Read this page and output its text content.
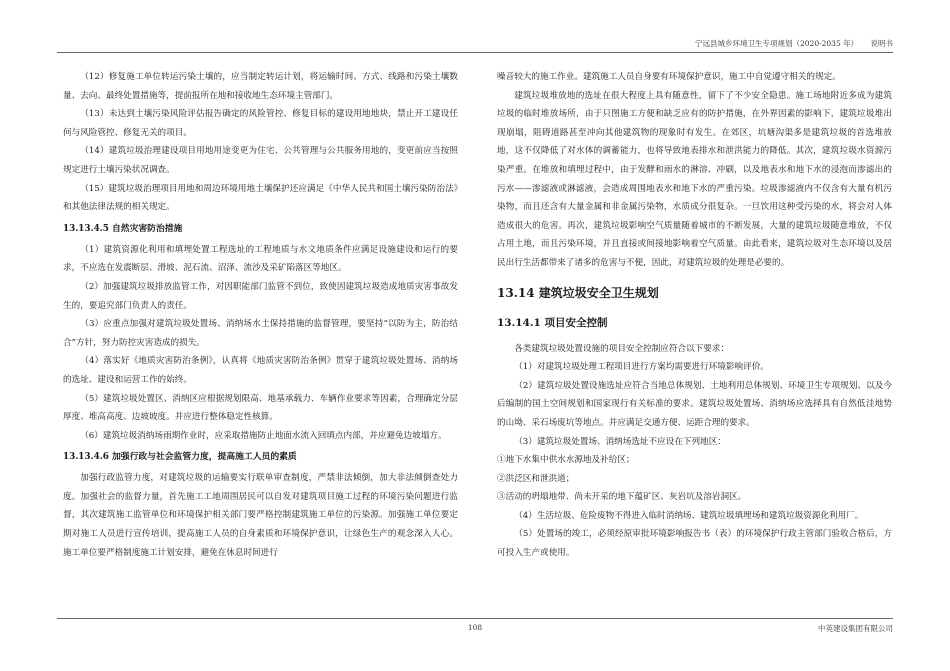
宁远县城乡环境卫生专项规划（2020-2035 年） 说明书

（12）修复施工单位转运污染土壤的，应当制定转运计划，将运输时间、方式、线路和污染土壤数量、去向、最终处置措施等，提前报所在地和接收地生态环境主管部门。

（13）未达到土壤污染风险评估报告确定的风险管控、修复目标的建设用地地块，禁止开工建设任何与风险管控、修复无关的项目。

（14）建筑垃圾治理建设项目用地用途变更为住宅、公共管理与公共服务用地的，变更前应当按照规定进行土壤污染状况调查。

（15）建筑垃圾治理项目用地和周边环境用地土壤保护还应满足《中华人民共和国土壤污染防治法》和其他法律法规的相关规定。

13.13.4.5 自然灾害防治措施

（1）建筑资源化利用和填埋处置工程选址的工程地质与水文地质条件应满足设施建设和运行的要求，不应选在发震断层、滑坡、泥石流、沼泽、流沙及采矿陷落区等地区。

（2）加强建筑垃圾排放监管工作，对因职能部门监管不到位，致使因建筑垃圾造成地质灾害事故发生的，要追究部门负责人的责任。

（3）应重点加强对建筑垃圾处置场、消纳场水土保持措施的监督管理，要坚持“以防为主，防治结合”方针，努力防控灾害造成的损失。

（4）落实好《地质灾害防治条例》，认真将《地质灾害防治条例》贯穿于建筑垃圾处置场、消纳场的选址、建设和运营工作的始终。

（5）建筑垃圾处置区、消纳区应根据规划限高、地基承载力、车辆作业要求等因素，合理确定分层厚度、堆高高度、边坡坡度。并应进行整体稳定性核算。

（6）建筑垃圾消纳场雨期作业时，应采取措施防止地面水流入回填点内部，并应避免边坡塌方。

13.13.4.6 加强行政与社会监管力度，提高施工人员的素质

加强行政监管力度，对建筑垃圾的运输要实行联单审查制度，严禁非法倾倒，加大非法倾倒查处力度。加强社会的监督力量，首先施工工地周围居民可以自发对建筑项目施工过程的环境污染问题进行监督，其次建筑施工监管单位和环境保护相关部门要严格控制建筑施工单位的污染源。加强施工单位要定期对施工人员进行宣传培训，提高施工人员的自身素质和环境保护意识，让绿色生产的观念深入人心。施工单位要严格制度施工计划安排，避免在休息时间进行

噪音较大的施工作业。建筑施工人员自身要有环境保护意识，施工中自觉遵守相关的规定。

建筑垃圾堆放地的选址在很大程度上具有随意性，留下了不少安全隐患。施工场地附近多成为建筑垃圾的临时堆放场所，由于只图施工方便和缺乏应有的防护措施，在外界因素的影响下，建筑垃圾堆出现崩塌，阻碍道路甚至冲向其他建筑物的现象时有发生。在郊区，坑塘沟渠多是建筑垃圾的首选堆放地，这不仅降低了对水体的调蓄能力，也将导致地表排水和泄洪能力的降低。其次，建筑垃圾水资源污染严重。在堆放和填埋过程中，由于发酵和雨水的淋溶、冲刷，以及地表水和地下水的浸泡而渗滤出的污水——渗滤液或淋滤液，会造成周围地表水和地下水的严重污染。垃圾渗滤液内不仅含有大量有机污染物，而且还含有大量金属和非金属污染物，水质成分很复杂。一旦饮用这种受污染的水，将会对人体造成很大的危害。再次，建筑垃圾影响空气质量随着城市的不断发展，大量的建筑垃圾随意堆放，不仅占用土地，而且污染环境，并且直接或间接地影响着空气质量。由此看来，建筑垃圾对生态环境以及居民出行生活都带来了诸多的危害与不便，因此，对建筑垃圾的处理是必要的。

13.14 建筑垃圾安全卫生规划
13.14.1 项目安全控制

各类建筑垃圾处置设施的项目安全控制应符合以下要求：

（1）对建筑垃圾处理工程项目进行方案均需要进行环境影响评价。

（2）建筑垃圾处置设施选址应符合当地总体规划、土地利用总体规划、环境卫生专项规划、以及今后编制的国土空间规划和国家现行有关标准的要求。建筑垃圾处置场、消纳场应选择具有自然低洼地势的山坳、采石场废坑等地点。并应满足交通方便、运距合理的要求。

（3）建筑垃圾处置场、消纳场选址不应设在下列地区：

①地下水集中供水水源地及补给区；

②洪泛区和泄洪道；

③活动的坍塌地带、尚未开采的地下蕴矿区、灰岩坑及溶岩洞区。

（4）生活垃圾、危险废物不得进入临时消纳场、建筑垃圾填埋场和建筑垃圾资源化利用厂。

（5）处置场的竣工，必须经原审批环境影响报告书（表）的环境保护行政主管部门验收合格后，方可投入生产或使用。

108	中英建设集团有限公司
